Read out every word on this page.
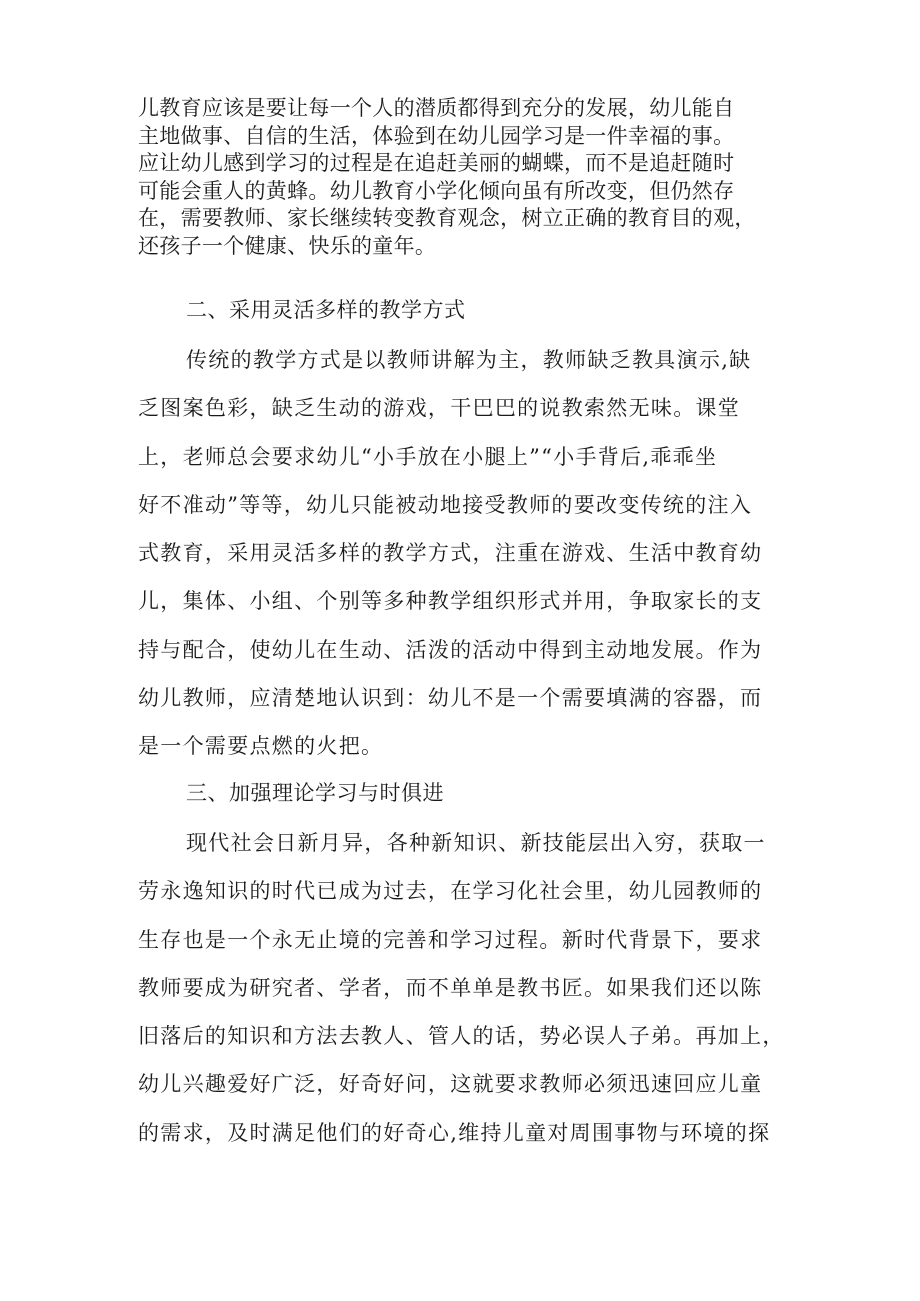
儿教育应该是要让每一个人的潜质都得到充分的发展，幼儿能自
主地做事、自信的生活，体验到在幼儿园学习是一件幸福的事。
应让幼儿感到学习的过程是在追赶美丽的蝴蝶，而不是追赶随时
可能会重人的黄蜂。幼儿教育小学化倾向虽有所改变，但仍然存
在，需要教师、家长继续转变教育观念，树立正确的教育目的观，
还孩子一个健康、快乐的童年。
二、采用灵活多样的教学方式
传统的教学方式是以教师讲解为主，教师缺乏教具演示,缺
乏图案色彩，缺乏生动的游戏，干巴巴的说教索然无味。课堂
上，老师总会要求幼儿“小手放在小腿上”“小手背后,乖乖坐
好不准动”等等，幼儿只能被动地接受教师的要改变传统的注入
式教育，采用灵活多样的教学方式，注重在游戏、生活中教育幼
儿，集体、小组、个别等多种教学组织形式并用，争取家长的支
持与配合，使幼儿在生动、活泼的活动中得到主动地发展。作为
幼儿教师，应清楚地认识到：幼儿不是一个需要填满的容器，而
是一个需要点燃的火把。
三、加强理论学习与时俱进
现代社会日新月异，各种新知识、新技能层出入穷，获取一
劳永逸知识的时代已成为过去，在学习化社会里，幼儿园教师的
生存也是一个永无止境的完善和学习过程。新时代背景下，要求
教师要成为研究者、学者，而不单单是教书匠。如果我们还以陈
旧落后的知识和方法去教人、管人的话，势必误人子弟。再加上，
幼儿兴趣爱好广泛，好奇好问，这就要求教师必须迅速回应儿童
的需求，及时满足他们的好奇心,维持儿童对周围事物与环境的探
